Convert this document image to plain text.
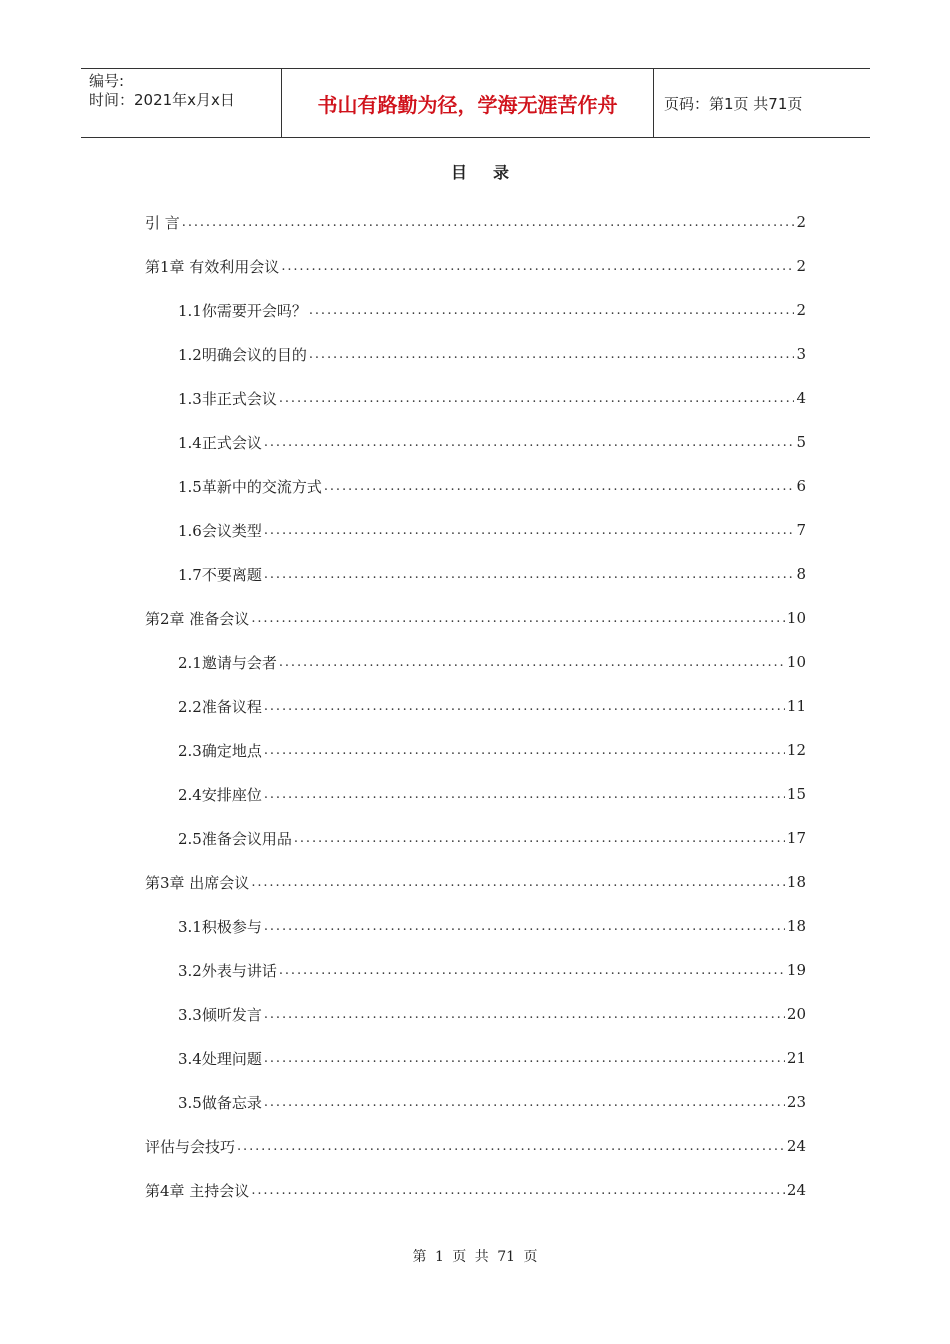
编号:
时间：2021年x月x日	书山有路勤为径，学海无涯苦作舟	页码：第1页 共71页
目录
引 言 .....	2
第1章 有效利用会议 .....	2
1.1你需要开会吗？ .....	2
1.2明确会议的目的 .....	3
1.3非正式会议 .....	4
1.4正式会议 .....	5
1.5革新中的交流方式 .....	6
1.6会议类型 .....	7
1.7不要离题 .....	8
第2章 准备会议 .....	10
2.1邀请与会者 .....	10
2.2准备议程 .....	11
2.3确定地点 .....	12
2.4安排座位 .....	15
2.5准备会议用品 .....	17
第3章 出席会议 .....	18
3.1积极参与 .....	18
3.2外表与讲话 .....	19
3.3倾听发言 .....	20
3.4处理问题 .....	21
3.5做备忘录 .....	23
评估与会技巧 .....	24
第4章 主持会议 .....	24
第 1 页 共 71 页
